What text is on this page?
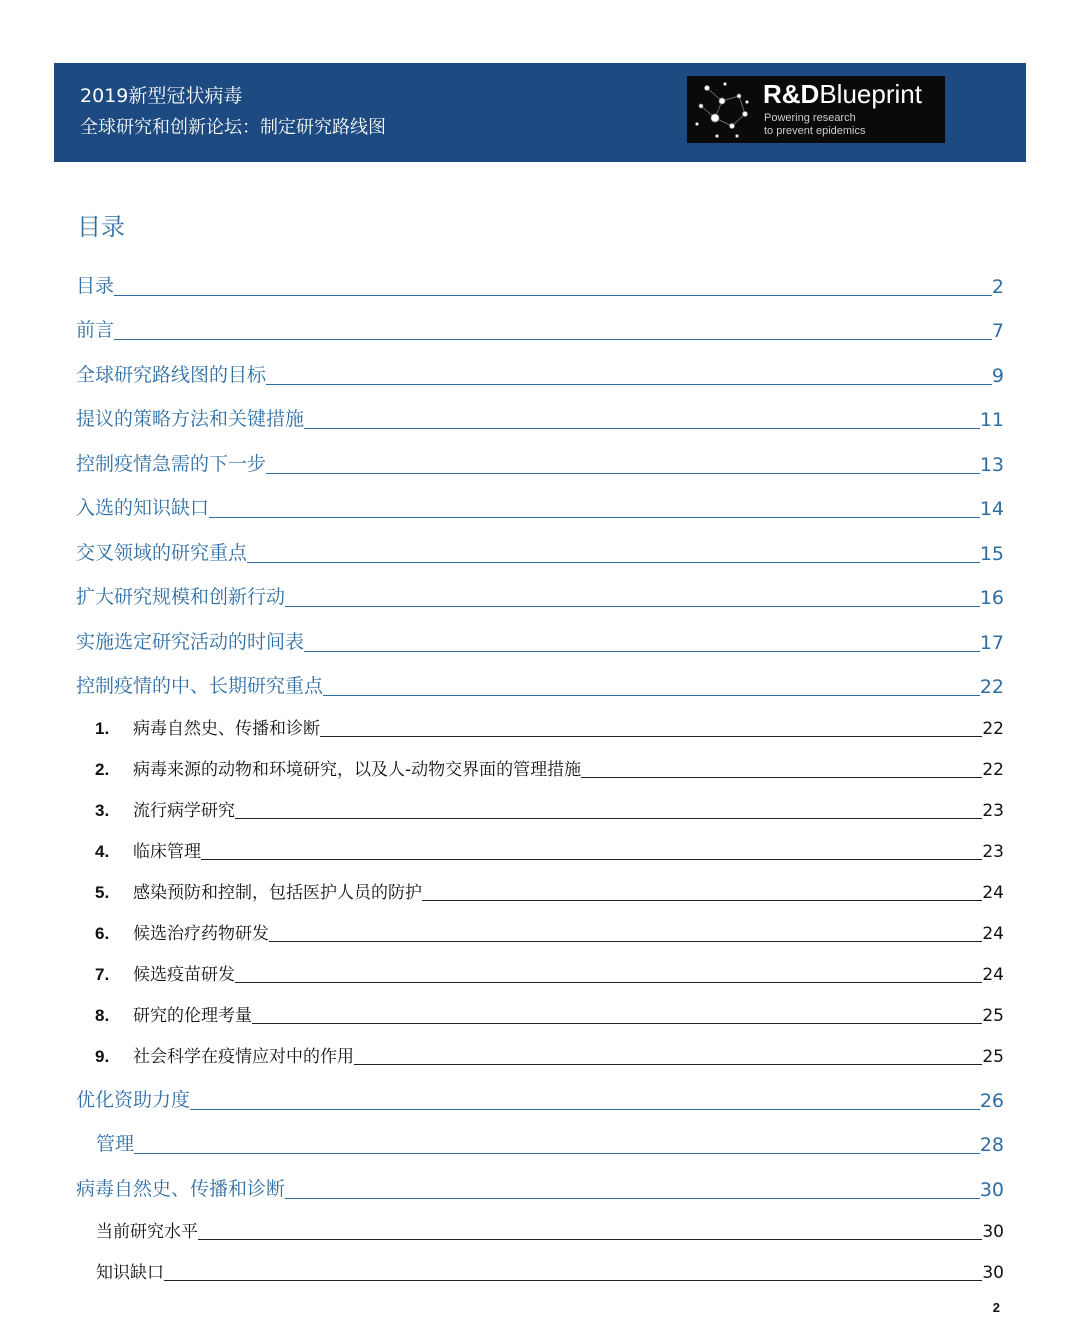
2019新型冠状病毒
全球研究和创新论坛：制定研究路线图
R&DBlueprint
Powering research
to prevent epidemics
目录
目录	2
前言	7
全球研究路线图的目标	9
提议的策略方法和关键措施	11
控制疫情急需的下一步	13
入选的知识缺口	14
交叉领域的研究重点	15
扩大研究规模和创新行动	16
实施选定研究活动的时间表	17
控制疫情的中、长期研究重点	22
1. 病毒自然史、传播和诊断	22
2. 病毒来源的动物和环境研究，以及人-动物交界面的管理措施	22
3. 流行病学研究	23
4. 临床管理	23
5. 感染预防和控制，包括医护人员的防护	24
6. 候选治疗药物研发	24
7. 候选疫苗研发	24
8. 研究的伦理考量	25
9. 社会科学在疫情应对中的作用	25
优化资助力度	26
管理	28
病毒自然史、传播和诊断	30
当前研究水平	30
知识缺口	30
2
